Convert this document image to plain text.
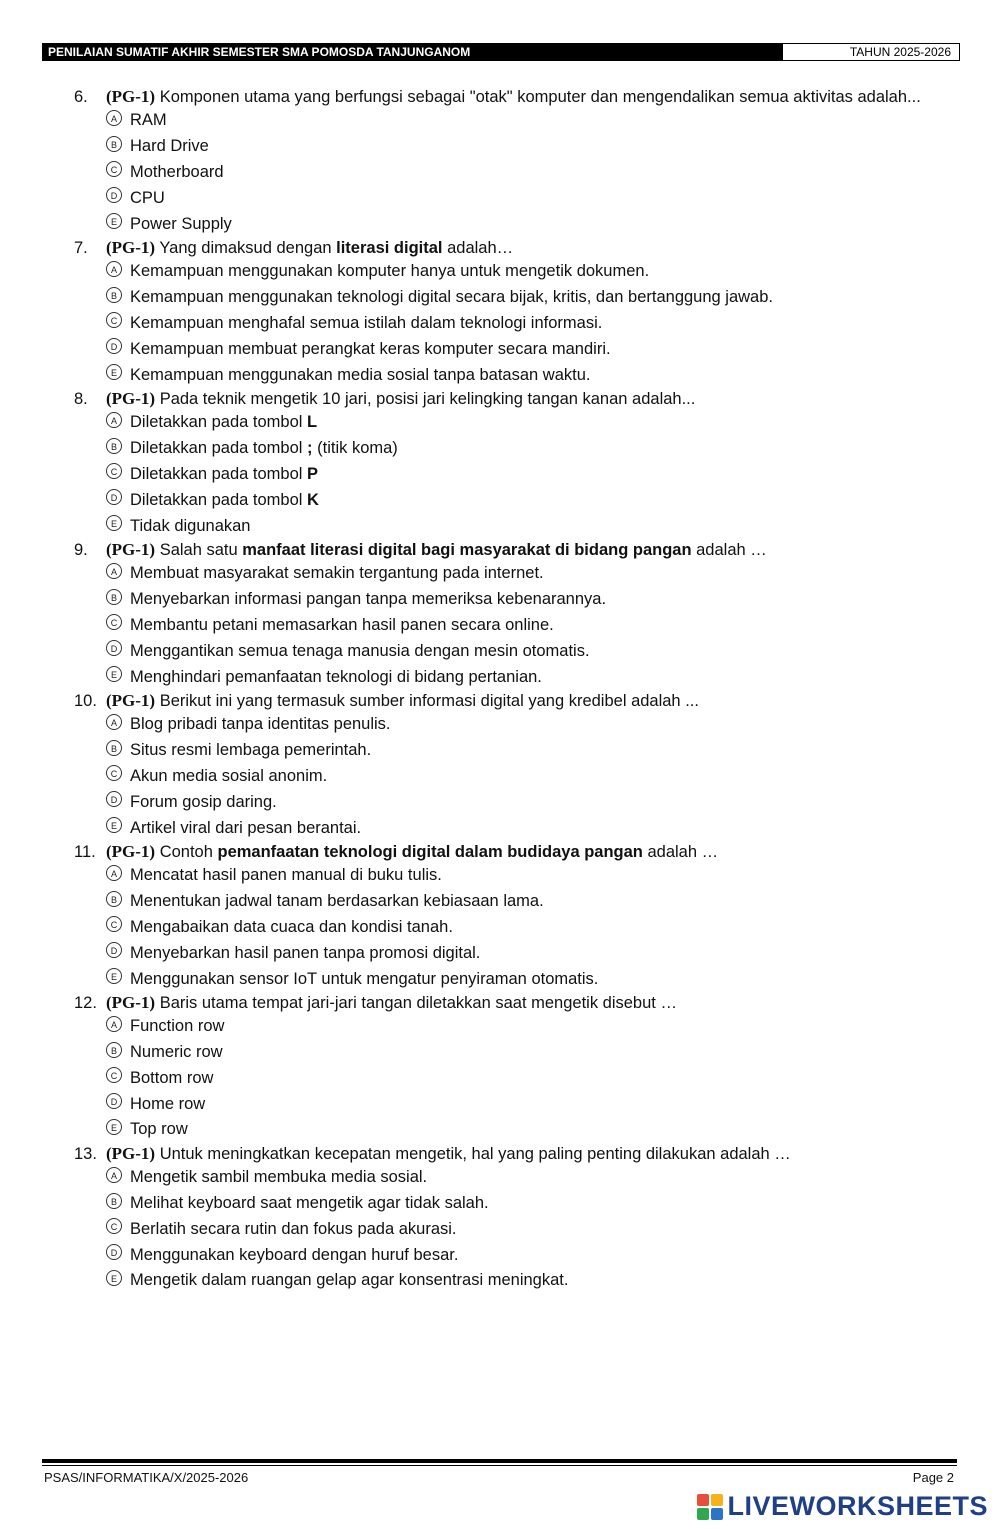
PENILAIAN SUMATIF AKHIR SEMESTER SMA POMOSDA TANJUNGANOM	TAHUN 2025-2026
6.	(PG-1) Komponen utama yang berfungsi sebagai "otak" komputer dan mengendalikan semua aktivitas adalah...
A RAM
B Hard Drive
C Motherboard
D CPU
E Power Supply
7.	(PG-1) Yang dimaksud dengan literasi digital adalah…
A Kemampuan menggunakan komputer hanya untuk mengetik dokumen.
B Kemampuan menggunakan teknologi digital secara bijak, kritis, dan bertanggung jawab.
C Kemampuan menghafal semua istilah dalam teknologi informasi.
D Kemampuan membuat perangkat keras komputer secara mandiri.
E Kemampuan menggunakan media sosial tanpa batasan waktu.
8.	(PG-1) Pada teknik mengetik 10 jari, posisi jari kelingking tangan kanan adalah...
A Diletakkan pada tombol L
B Diletakkan pada tombol ; (titik koma)
C Diletakkan pada tombol P
D Diletakkan pada tombol K
E Tidak digunakan
9.	(PG-1) Salah satu manfaat literasi digital bagi masyarakat di bidang pangan adalah …
A Membuat masyarakat semakin tergantung pada internet.
B Menyebarkan informasi pangan tanpa memeriksa kebenarannya.
C Membantu petani memasarkan hasil panen secara online.
D Menggantikan semua tenaga manusia dengan mesin otomatis.
E Menghindari pemanfaatan teknologi di bidang pertanian.
10. (PG-1) Berikut ini yang termasuk sumber informasi digital yang kredibel adalah ...
A Blog pribadi tanpa identitas penulis.
B Situs resmi lembaga pemerintah.
C Akun media sosial anonim.
D Forum gosip daring.
E Artikel viral dari pesan berantai.
11. (PG-1) Contoh pemanfaatan teknologi digital dalam budidaya pangan adalah …
A Mencatat hasil panen manual di buku tulis.
B Menentukan jadwal tanam berdasarkan kebiasaan lama.
C Mengabaikan data cuaca dan kondisi tanah.
D Menyebarkan hasil panen tanpa promosi digital.
E Menggunakan sensor IoT untuk mengatur penyiraman otomatis.
12. (PG-1) Baris utama tempat jari-jari tangan diletakkan saat mengetik disebut …
A Function row
B Numeric row
C Bottom row
D Home row
E Top row
13. (PG-1) Untuk meningkatkan kecepatan mengetik, hal yang paling penting dilakukan adalah …
A Mengetik sambil membuka media sosial.
B Melihat keyboard saat mengetik agar tidak salah.
C Berlatih secara rutin dan fokus pada akurasi.
D Menggunakan keyboard dengan huruf besar.
E Mengetik dalam ruangan gelap agar konsentrasi meningkat.
PSAS/INFORMATIKA/X/2025-2026	Page 2
LIVEWORKSHEETS
